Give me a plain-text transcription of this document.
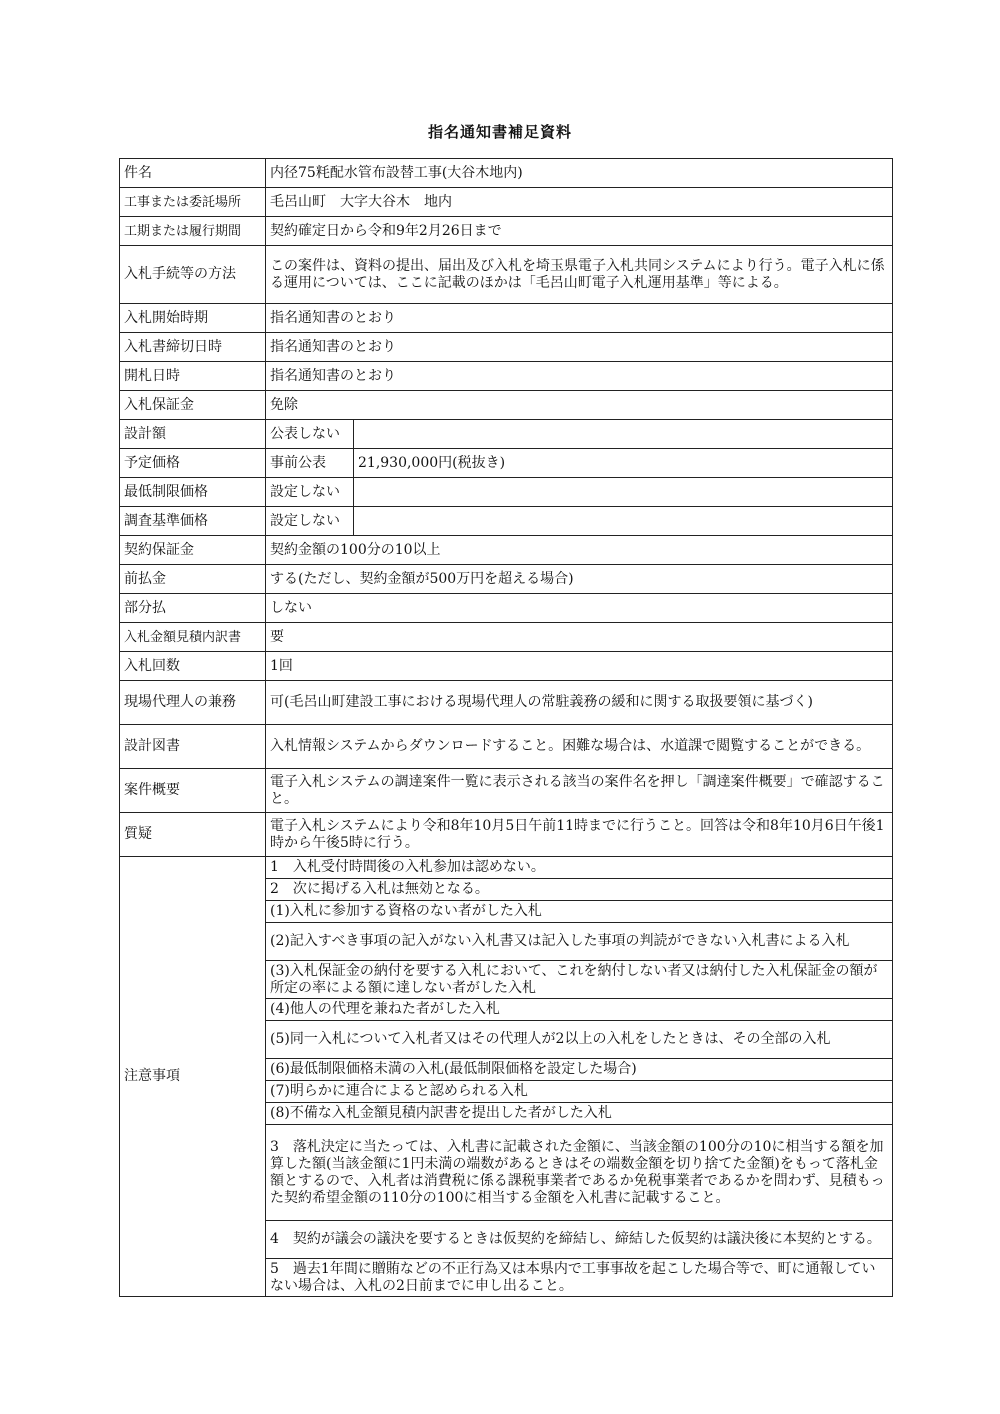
指名通知書補足資料
件名	内径75粍配水管布設替工事(大谷木地内)	
工事または委託場所	毛呂山町　大字大谷木　地内	
工期または履行期間	契約確定日から令和9年2月26日まで	
入札手続等の方法	この案件は、資料の提出、届出及び入札を埼玉県電子入札共同システムにより行う。電子入札に係る運用については、ここに記載のほかは「毛呂山町電子入札運用基準」等による。	
入札開始時期	指名通知書のとおり	
入札書締切日時	指名通知書のとおり	
開札日時	指名通知書のとおり	
入札保証金	免除	
設計額	公表しない	
予定価格	事前公表	21,930,000円(税抜き)
最低制限価格	設定しない	
調査基準価格	設定しない	
契約保証金	契約金額の100分の10以上	
前払金	する(ただし、契約金額が500万円を超える場合)	
部分払	しない	
入札金額見積内訳書	要	
入札回数	1回	
現場代理人の兼務	可(毛呂山町建設工事における現場代理人の常駐義務の緩和に関する取扱要領に基づく)	
設計図書	入札情報システムからダウンロードすること。困難な場合は、水道課で閲覧することができる。	
案件概要	電子入札システムの調達案件一覧に表示される該当の案件名を押し「調達案件概要」で確認すること。	
質疑	電子入札システムにより令和8年10月5日午前11時までに行うこと。回答は令和8年10月6日午後1時から午後5時に行う。	
注意事項	1　入札受付時間後の入札参加は認めない。	
	2　次に掲げる入札は無効となる。	
	(1)入札に参加する資格のない者がした入札	
	(2)記入すべき事項の記入がない入札書又は記入した事項の判読ができない入札書による入札	
	(3)入札保証金の納付を要する入札において、これを納付しない者又は納付した入札保証金の額が所定の率による額に達しない者がした入札	
	(4)他人の代理を兼ねた者がした入札	
	(5)同一入札について入札者又はその代理人が2以上の入札をしたときは、その全部の入札	
	(6)最低制限価格未満の入札(最低制限価格を設定した場合)	
	(7)明らかに連合によると認められる入札	
	(8)不備な入札金額見積内訳書を提出した者がした入札	
	3　落札決定に当たっては、入札書に記載された金額に、当該金額の100分の10に相当する額を加算した額(当該金額に1円未満の端数があるときはその端数金額を切り捨てた金額)をもって落札金額とするので、入札者は消費税に係る課税事業者であるか免税事業者であるかを問わず、見積もった契約希望金額の110分の100に相当する金額を入札書に記載すること。	
	4　契約が議会の議決を要するときは仮契約を締結し、締結した仮契約は議決後に本契約とする。	
	5　過去1年間に贈賄などの不正行為又は本県内で工事事故を起こした場合等で、町に通報していない場合は、入札の2日前までに申し出ること。	
